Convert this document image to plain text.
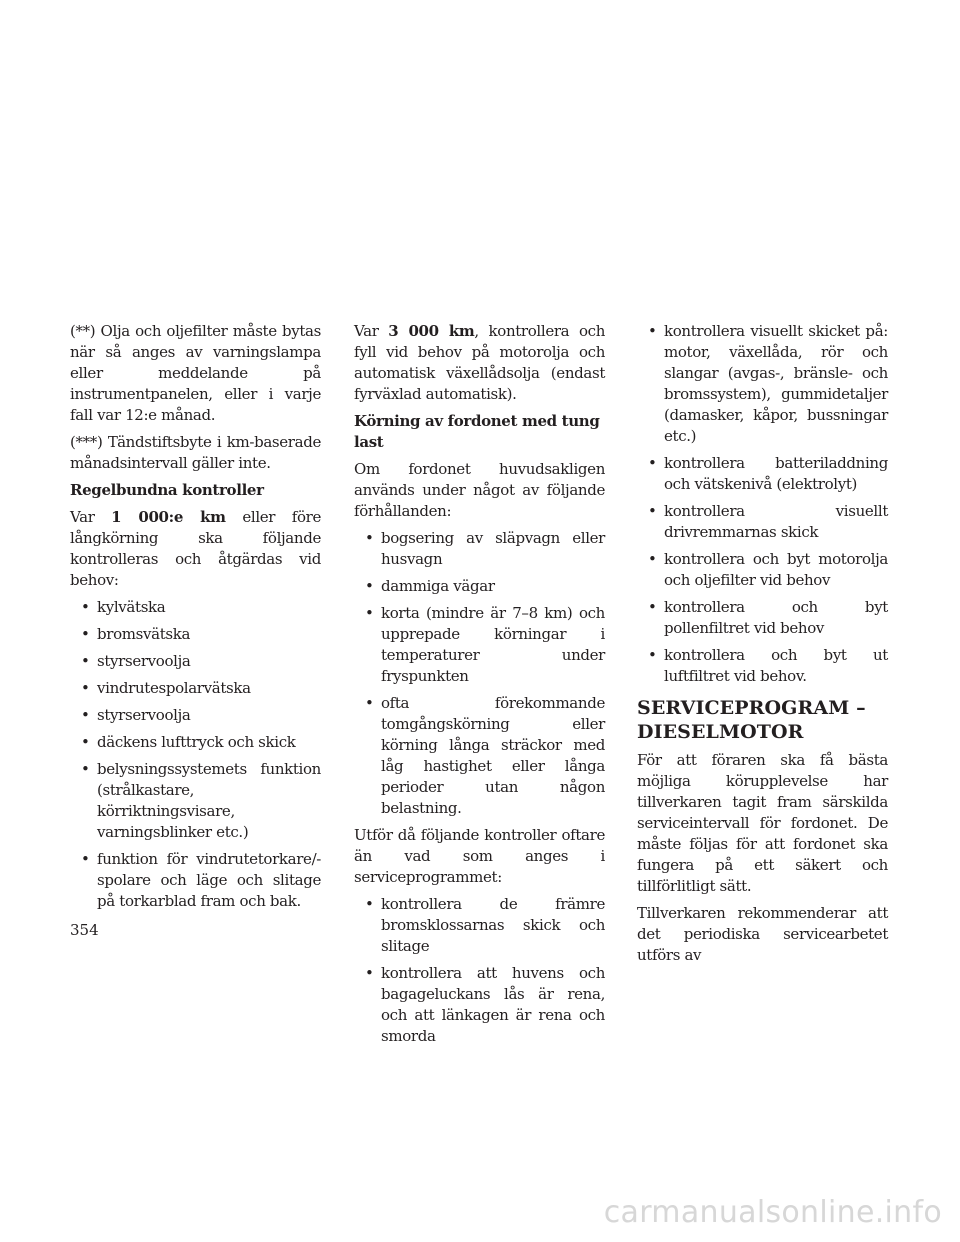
(**) Olja och oljefilter måste bytas när så anges av varningslampa eller meddelande på instrumentpanelen, eller i varje fall var 12:e månad.

(***) Tändstiftsbyte i km-baserade månadsintervall gäller inte.

Regelbundna kontroller

Var 1 000:e km eller före långkörning ska följande kontrolleras och åtgärdas vid behov:

• kylvätska
• bromsvätska
• styrservoolja
• vindrutespolarvätska
• styrservoolja
• däckens lufttryck och skick
• belysningssystemets funktion (strålkastare, körriktningsvisare, varningsblinker etc.)
• funktion för vindrutetorkare/-spolare och läge och slitage på torkarblad fram och bak.

Var 3 000 km, kontrollera och fyll vid behov på motorolja och automatisk växellådsolja (endast fyrväxlad automatisk).

Körning av fordonet med tung last

Om fordonet huvudsakligen används under något av följande förhållanden:

• bogsering av släpvagn eller husvagn
• dammiga vägar
• korta (mindre är 7–8 km) och upprepade körningar i temperaturer under fryspunkten
• ofta förekommande tomgångskörning eller körning långa sträckor med låg hastighet eller långa perioder utan någon belastning.

Utför då följande kontroller oftare än vad som anges i serviceprogrammet:

• kontrollera de främre bromsklossarnas skick och slitage
• kontrollera att huvens och bagageluckans lås är rena, och att länkagen är rena och smorda
• kontrollera visuellt skicket på: motor, växellåda, rör och slangar (avgas-, bränsle- och bromssystem), gummidetaljer (damasker, kåpor, bussningar etc.)
• kontrollera batteriladdning och vätskenivå (elektrolyt)
• kontrollera visuellt drivremmarnas skick
• kontrollera och byt motorolja och oljefilter vid behov
• kontrollera och byt pollenfiltret vid behov
• kontrollera och byt ut luftfiltret vid behov.
SERVICEPROGRAM – DIESELMOTOR

För att föraren ska få bästa möjliga körupplevelse har tillverkaren tagit fram särskilda serviceintervall för fordonet. De måste följas för att fordonet ska fungera på ett säkert och tillförlitligt sätt.

Tillverkaren rekommenderar att det periodiska servicearbetet utförs av

354
carmanualsonline.info
